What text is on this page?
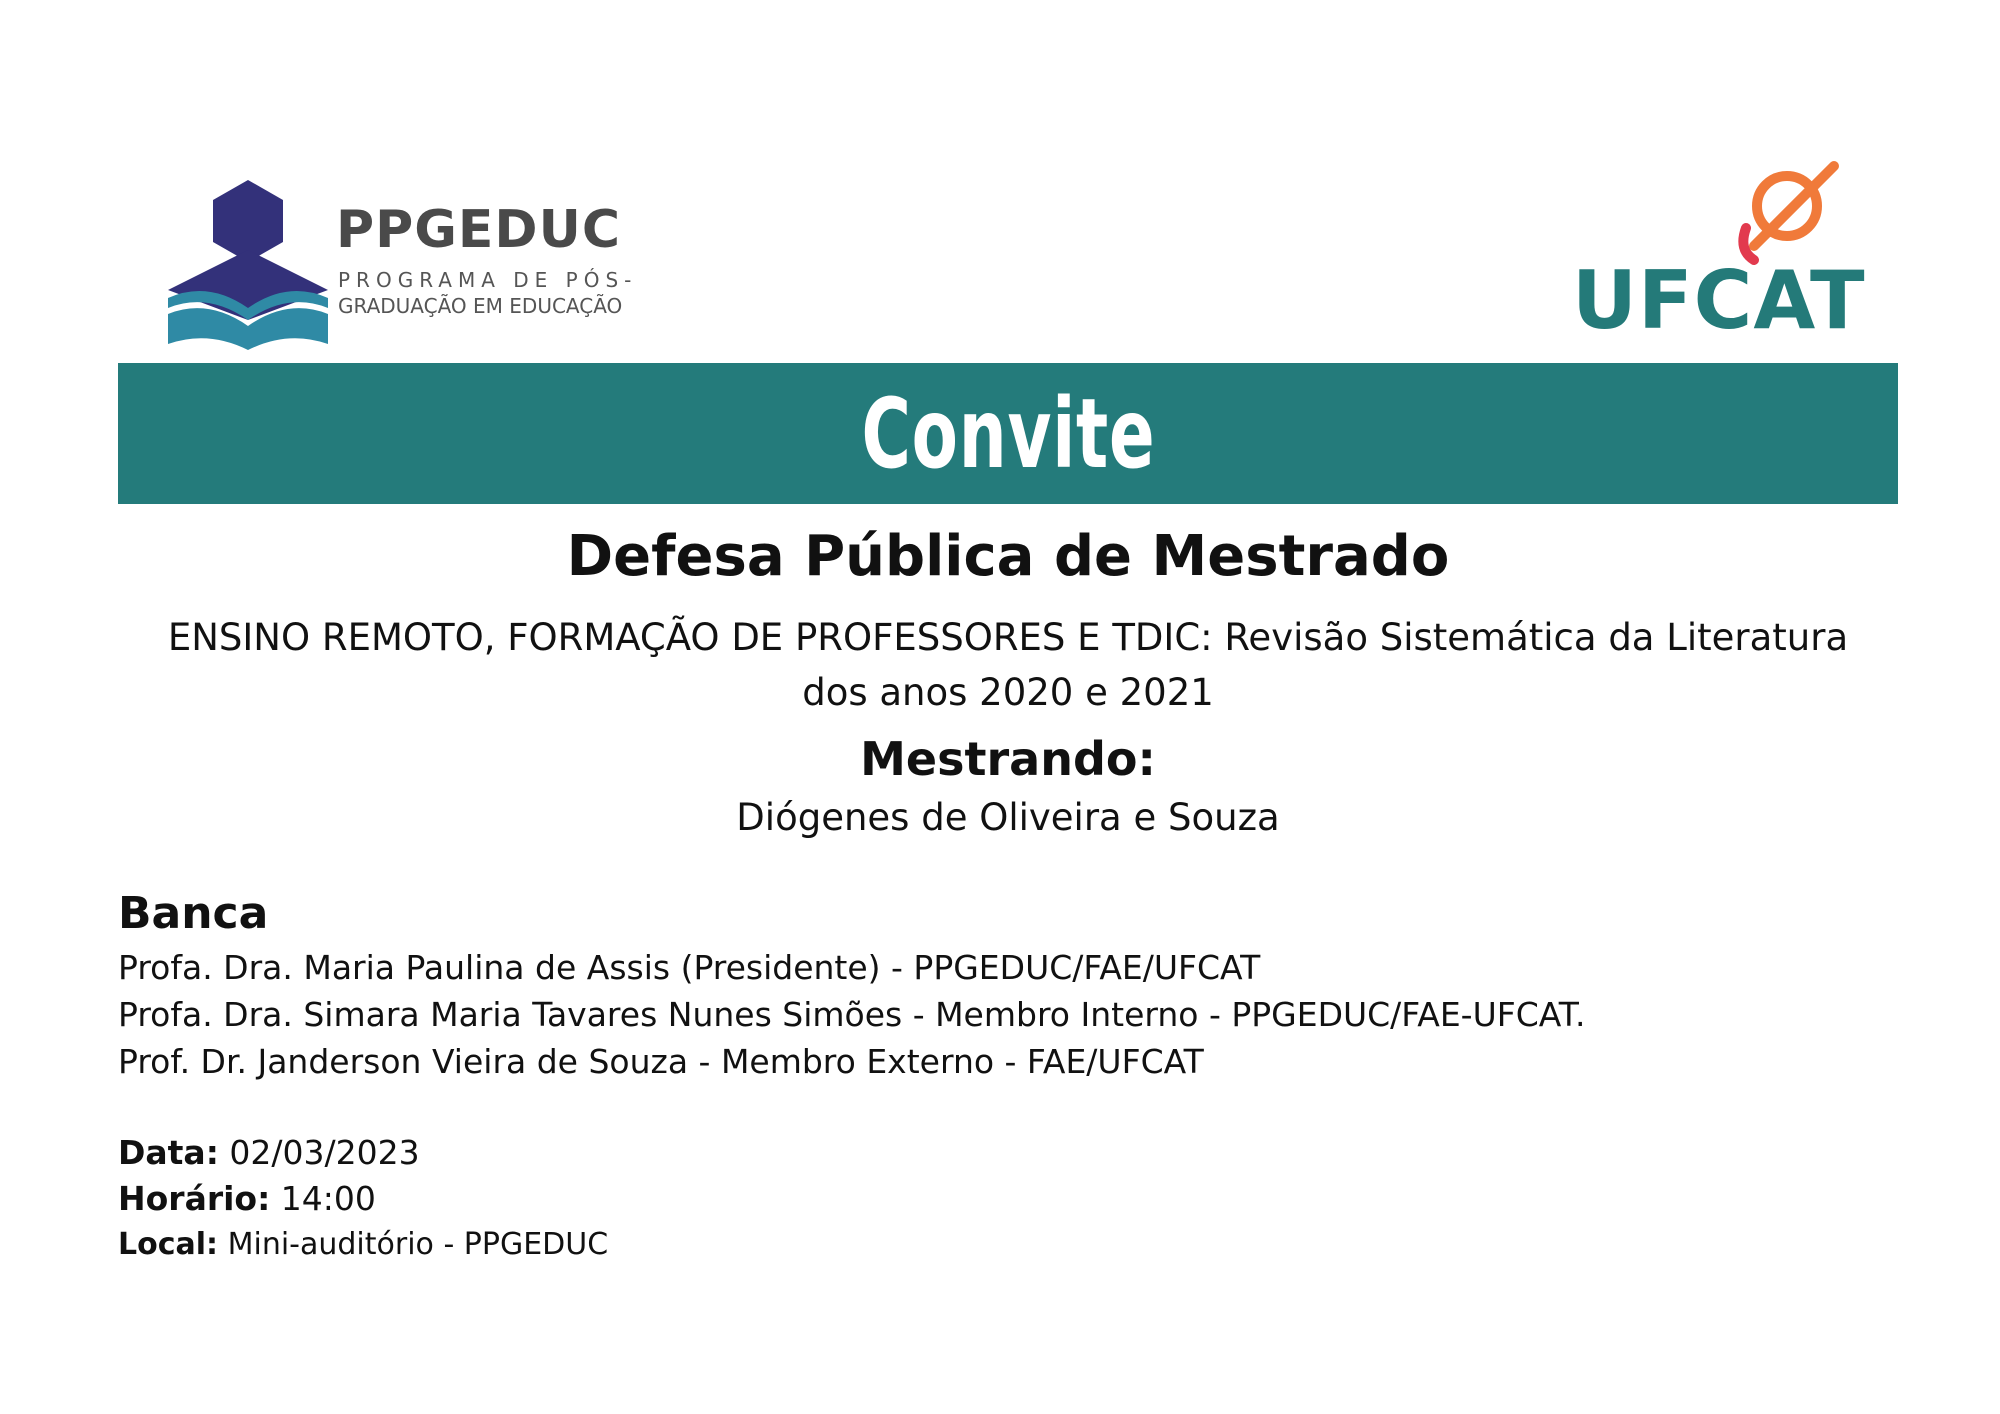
PPGEDUC
PROGRAMA DE PÓS-
GRADUAÇÃO EM EDUCAÇÃO	UFCAT
Convite
Defesa Pública de Mestrado
ENSINO REMOTO, FORMAÇÃO DE PROFESSORES E TDIC: Revisão Sistemática da Literatura
dos anos 2020 e 2021
Mestrando:
Diógenes de Oliveira e Souza
Banca
Profa. Dra. Maria Paulina de Assis (Presidente) - PPGEDUC/FAE/UFCAT
Profa. Dra. Simara Maria Tavares Nunes Simões - Membro Interno - PPGEDUC/FAE-UFCAT.
Prof. Dr. Janderson Vieira de Souza - Membro Externo - FAE/UFCAT
Data: 02/03/2023
Horário: 14:00
Local: Mini-auditório - PPGEDUC
